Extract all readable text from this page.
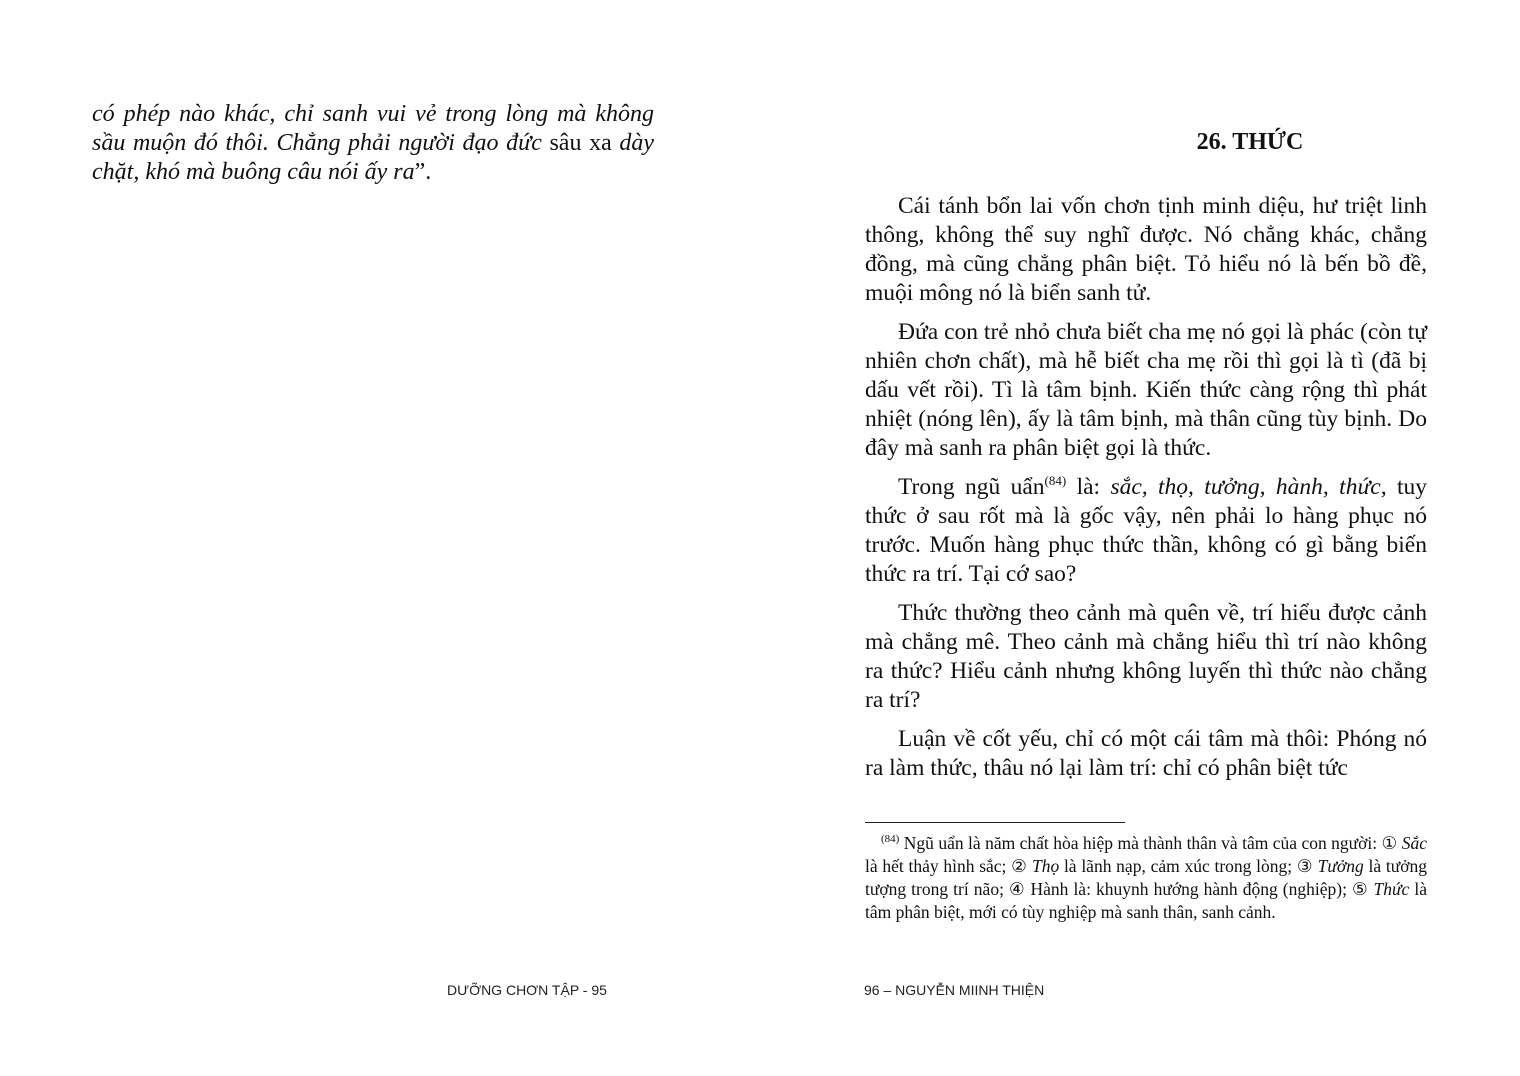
có phép nào khác, chỉ sanh vui vẻ trong lòng mà không sầu muộn đó thôi. Chẳng phải người đạo đức sâu xa dày chặt, khó mà buông câu nói ấy ra”.

DƯỠNG CHƠN TẬP - 95

26. THỨC

Cái tánh bổn lai vốn chơn tịnh minh diệu, hư triệt linh thông, không thể suy nghĩ được. Nó chẳng khác, chẳng đồng, mà cũng chẳng phân biệt. Tỏ hiểu nó là bến bồ đề, muội mông nó là biển sanh tử.

Đứa con trẻ nhỏ chưa biết cha mẹ nó gọi là phác (còn tự nhiên chơn chất), mà hễ biết cha mẹ rồi thì gọi là tì (đã bị dấu vết rồi). Tì là tâm bịnh. Kiến thức càng rộng thì phát nhiệt (nóng lên), ấy là tâm bịnh, mà thân cũng tùy bịnh. Do đây mà sanh ra phân biệt gọi là thức.

Trong ngũ uẩn$^{(84)}$ là: sắc, thọ, tưởng, hành, thức, tuy thức ở sau rốt mà là gốc vậy, nên phải lo hàng phục nó trước. Muốn hàng phục thức thần, không có gì bằng biến thức ra trí. Tại cớ sao?

Thức thường theo cảnh mà quên về, trí hiểu được cảnh mà chẳng mê. Theo cảnh mà chẳng hiểu thì trí nào không ra thức? Hiểu cảnh nhưng không luyến thì thức nào chẳng ra trí?

Luận về cốt yếu, chỉ có một cái tâm mà thôi: Phóng nó ra làm thức, thâu nó lại làm trí: chỉ có phân biệt tức

$^{(84)}$ Ngũ uẩn là năm chất hòa hiệp mà thành thân và tâm của con người: ① Sắc là hết thảy hình sắc; ② Thọ là lãnh nạp, cảm xúc trong lòng; ③ Tưởng là tưởng tượng trong trí não; ④ Hành là: khuynh hướng hành động (nghiệp); ⑤ Thức là tâm phân biệt, mới có tùy nghiệp mà sanh thân, sanh cảnh.

96 – NGUYỄN MIINH THIỆN
